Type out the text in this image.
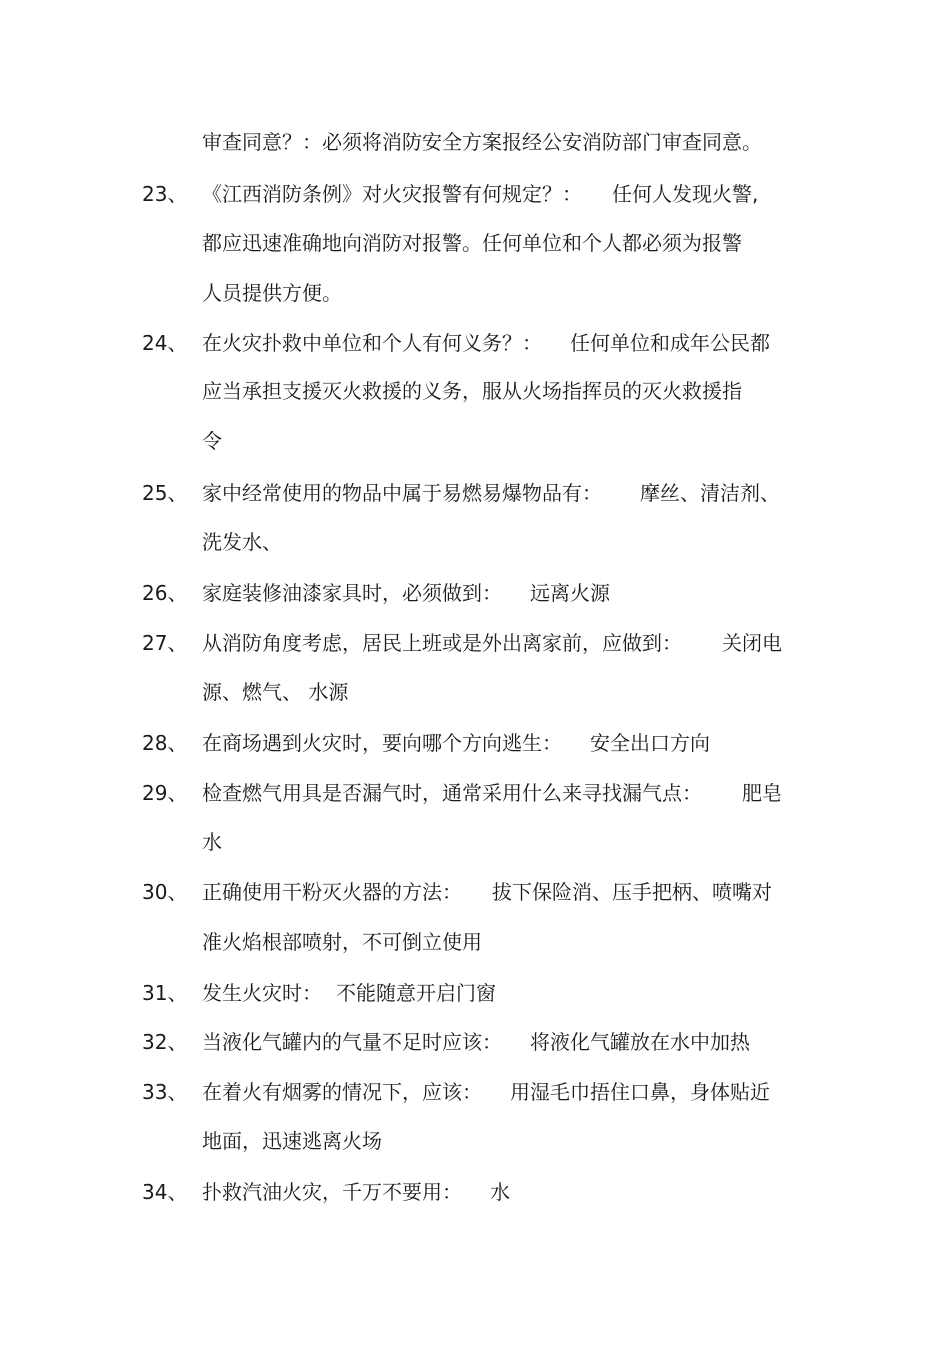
审查同意？：必须将消防安全方案报经公安消防部门审查同意。
23、 《江西消防条例》对火灾报警有何规定？： 任何人发现火警,
都应迅速准确地向消防对报警。任何单位和个人都必须为报警
人员提供方便。
24、 在火灾扑救中单位和个人有何义务？： 任何单位和成年公民都
应当承担支援灭火救援的义务，服从火场指挥员的灭火救援指
令
25、 家中经常使用的物品中属于易燃易爆物品有： 摩丝、清洁剂、
洗发水、
26、 家庭装修油漆家具时，必须做到： 远离火源
27、 从消防角度考虑，居民上班或是外出离家前，应做到： 关闭电
源、燃气、 水源
28、 在商场遇到火灾时，要向哪个方向逃生： 安全出口方向
29、 检查燃气用具是否漏气时，通常采用什么来寻找漏气点： 肥皂
水
30、 正确使用干粉灭火器的方法： 拔下保险消、压手把柄、喷嘴对
准火焰根部喷射，不可倒立使用
31、 发生火灾时： 不能随意开启门窗
32、 当液化气罐内的气量不足时应该： 将液化气罐放在水中加热
33、 在着火有烟雾的情况下，应该： 用湿毛巾捂住口鼻，身体贴近
地面，迅速逃离火场
34、 扑救汽油火灾，千万不要用： 水
